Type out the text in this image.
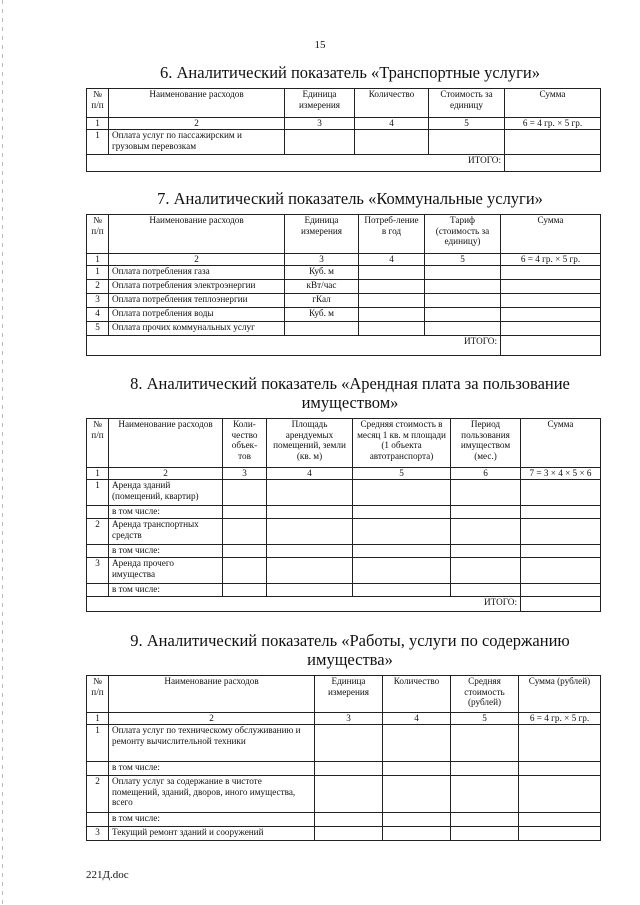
15
6. Аналитический показатель «Транспортные услуги»
№ п/п	Наименование расходов	Единица измерения	Количество	Стоимость за единицу	Сумма
1	2	3	4	5	6 = 4 гр. × 5 гр.
1	Оплата услуг по пассажирским и грузовым перевозкам				
ИТОГО:					
7. Аналитический показатель «Коммунальные услуги»
№ п/п	Наименование расходов	Единица измерения	Потреб-ление в год	Тариф (стоимость за единицу)	Сумма
1	2	3	4	5	6 = 4 гр. × 5 гр.
1	Оплата потребления газа	Куб. м			
2	Оплата потребления электроэнергии	кВт/час			
3	Оплата потребления теплоэнергии	гКал			
4	Оплата потребления воды	Куб. м			
5	Оплата прочих коммунальных услуг				
ИТОГО:					
8. Аналитический показатель «Арендная плата за пользование имуществом»
№ п/п	Наименование расходов	Коли-чество объек-тов	Площадь арендуемых помещений, земли (кв. м)	Средняя стоимость в месяц 1 кв. м площади (1 объекта автотранспорта)	Период пользования имуществом (мес.)	Сумма
1	2	3	4	5	6	7 = 3 × 4 × 5 × 6
1	Аренда зданий (помещений, квартир)					
	в том числе:					
2	Аренда транспортных средств					
	в том числе:					
3	Аренда прочего имущества					
	в том числе:					
ИТОГО:						
9. Аналитический показатель «Работы, услуги по содержанию имущества»
№ п/п	Наименование расходов	Единица измерения	Количество	Средняя стоимость (рублей)	Сумма (рублей)
1	2	3	4	5	6 = 4 гр. × 5 гр.
1	Оплата услуг по техническому обслуживанию и ремонту вычислительной техники				
	в том числе:				
2	Оплату услуг за содержание в чистоте помещений, зданий, дворов, иного имущества, всего				
	в том числе:				
3	Текущий ремонт зданий и сооружений				
221Д.doc
